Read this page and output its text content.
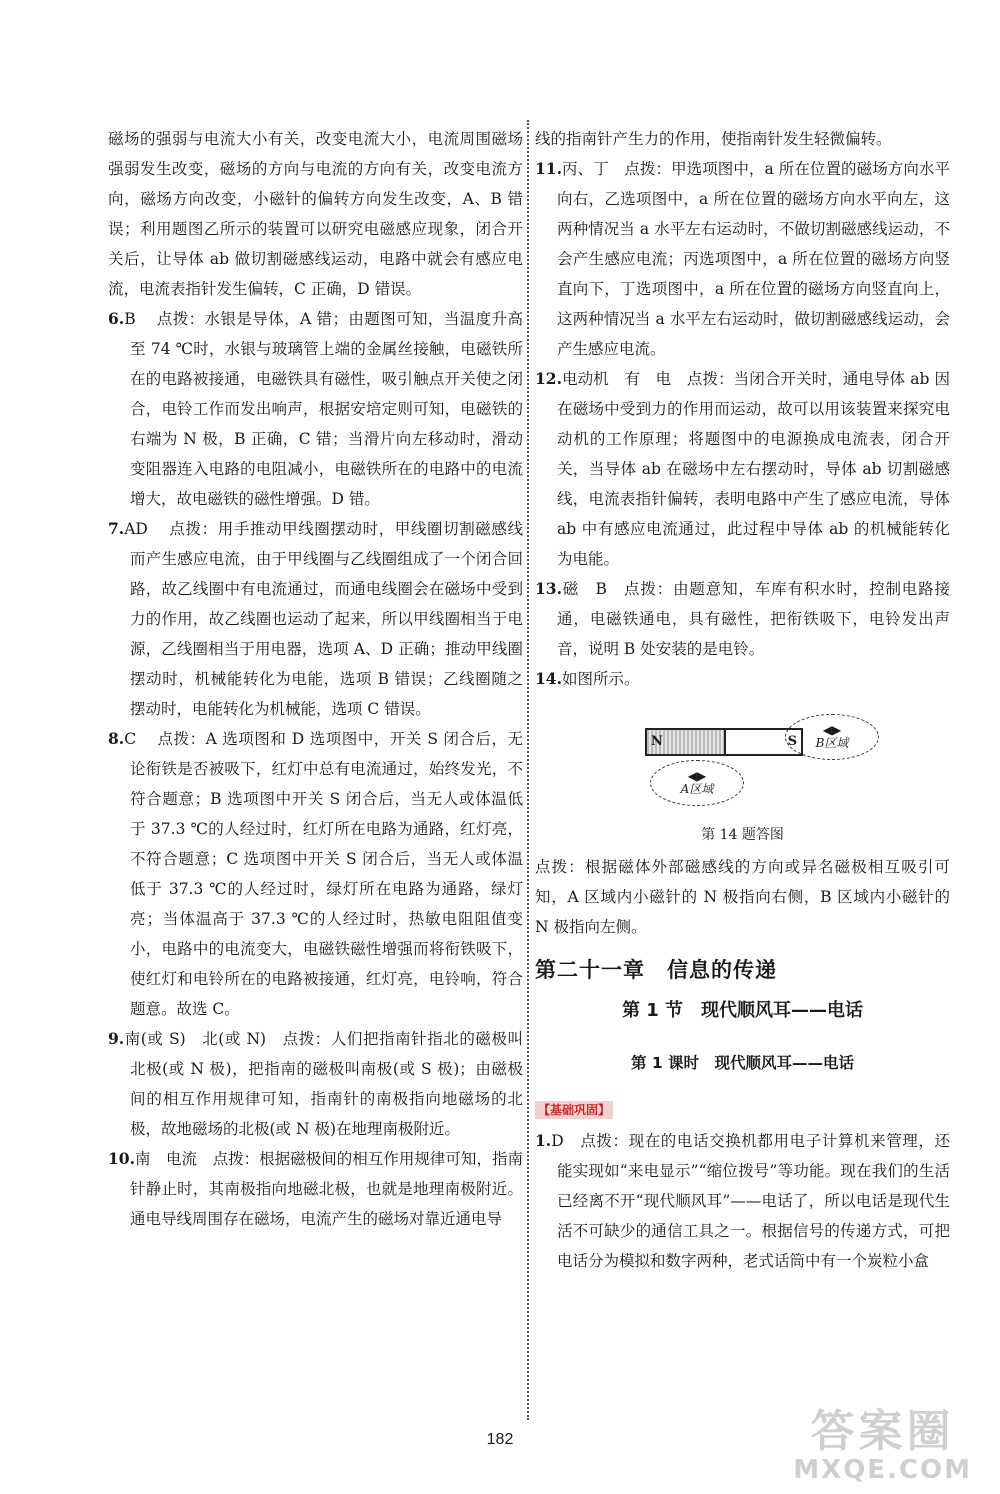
磁场的强弱与电流大小有关，改变电流大小，电流周围磁场强弱发生改变，磁场的方向与电流的方向有关，改变电流方向，磁场方向改变，小磁针的偏转方向发生改变，A、B 错误；利用题图乙所示的装置可以研究电磁感应现象，闭合开关后，让导体 ab 做切割磁感线运动，电路中就会有感应电流，电流表指针发生偏转，C 正确，D 错误。

6.B 　点拨：水银是导体，A 错；由题图可知，当温度升高至 74 ℃时，水银与玻璃管上端的金属丝接触，电磁铁所在的电路被接通，电磁铁具有磁性，吸引触点开关使之闭合，电铃工作而发出响声，根据安培定则可知，电磁铁的右端为 N 极，B 正确，C 错；当滑片向左移动时，滑动变阻器连入电路的电阻减小，电磁铁所在的电路中的电流增大，故电磁铁的磁性增强。D 错。

7.AD 　点拨：用手推动甲线圈摆动时，甲线圈切割磁感线而产生感应电流，由于甲线圈与乙线圈组成了一个闭合回路，故乙线圈中有电流通过，而通电线圈会在磁场中受到力的作用，故乙线圈也运动了起来，所以甲线圈相当于电源，乙线圈相当于用电器，选项 A、D 正确；推动甲线圈摆动时，机械能转化为电能，选项 B 错误；乙线圈随之摆动时，电能转化为机械能，选项 C 错误。

8.C 　点拨：A 选项图和 D 选项图中，开关 S 闭合后，无论衔铁是否被吸下，红灯中总有电流通过，始终发光，不符合题意；B 选项图中开关 S 闭合后，当无人或体温低于 37.3 ℃的人经过时，红灯所在电路为通路，红灯亮，不符合题意；C 选项图中开关 S 闭合后，当无人或体温低于 37.3 ℃的人经过时，绿灯所在电路为通路，绿灯亮；当体温高于 37.3 ℃的人经过时，热敏电阻阻值变小，电路中的电流变大，电磁铁磁性增强而将衔铁吸下，使红灯和电铃所在的电路被接通，红灯亮，电铃响，符合题意。故选 C。

9.南(或 S)　北(或 N)　点拨：人们把指南针指北的磁极叫北极(或 N 极)，把指南的磁极叫南极(或 S 极)；由磁极间的相互作用规律可知，指南针的南极指向地磁场的北极，故地磁场的北极(或 N 极)在地理南极附近。

10.南　电流　点拨：根据磁极间的相互作用规律可知，指南针静止时，其南极指向地磁北极，也就是地理南极附近。通电导线周围存在磁场，电流产生的磁场对靠近通电导

线的指南针产生力的作用，使指南针发生轻微偏转。

11.丙、丁　点拨：甲选项图中，a 所在位置的磁场方向水平向右，乙选项图中，a 所在位置的磁场方向水平向左，这两种情况当 a 水平左右运动时，不做切割磁感线运动，不会产生感应电流；丙选项图中，a 所在位置的磁场方向竖直向下，丁选项图中，a 所在位置的磁场方向竖直向上，这两种情况当 a 水平左右运动时，做切割磁感线运动，会产生感应电流。

12.电动机　有　电　点拨：当闭合开关时，通电导体 ab 因在磁场中受到力的作用而运动，故可以用该装置来探究电动机的工作原理；将题图中的电源换成电流表，闭合开关，当导体 ab 在磁场中左右摆动时，导体 ab 切割磁感线，电流表指针偏转，表明电路中产生了感应电流，导体 ab 中有感应电流通过，此过程中导体 ab 的机械能转化为电能。

13.磁　B　点拨：由题意知，车库有积水时，控制电路接通，电磁铁通电，具有磁性，把衔铁吸下，电铃发出声音，说明 B 处安装的是电铃。

14.如图所示。

N	S
◀▶
B区域
◀▶
A区域
第 14 题答图

点拨：根据磁体外部磁感线的方向或异名磁极相互吸引可知，A 区域内小磁针的 N 极指向右侧，B 区域内小磁针的 N 极指向左侧。

第二十一章　信息的传递
第 1 节　现代顺风耳——电话
第 1 课时　现代顺风耳——电话
【基础巩固】

1.D　点拨：现在的电话交换机都用电子计算机来管理，还能实现如“来电显示”“缩位拨号”等功能。现在我们的生活已经离不开“现代顺风耳”——电话了，所以电话是现代生活不可缺少的通信工具之一。根据信号的传递方式，可把电话分为模拟和数字两种，老式话筒中有一个炭粒小盒

182	答案圈
MXQE.COM
